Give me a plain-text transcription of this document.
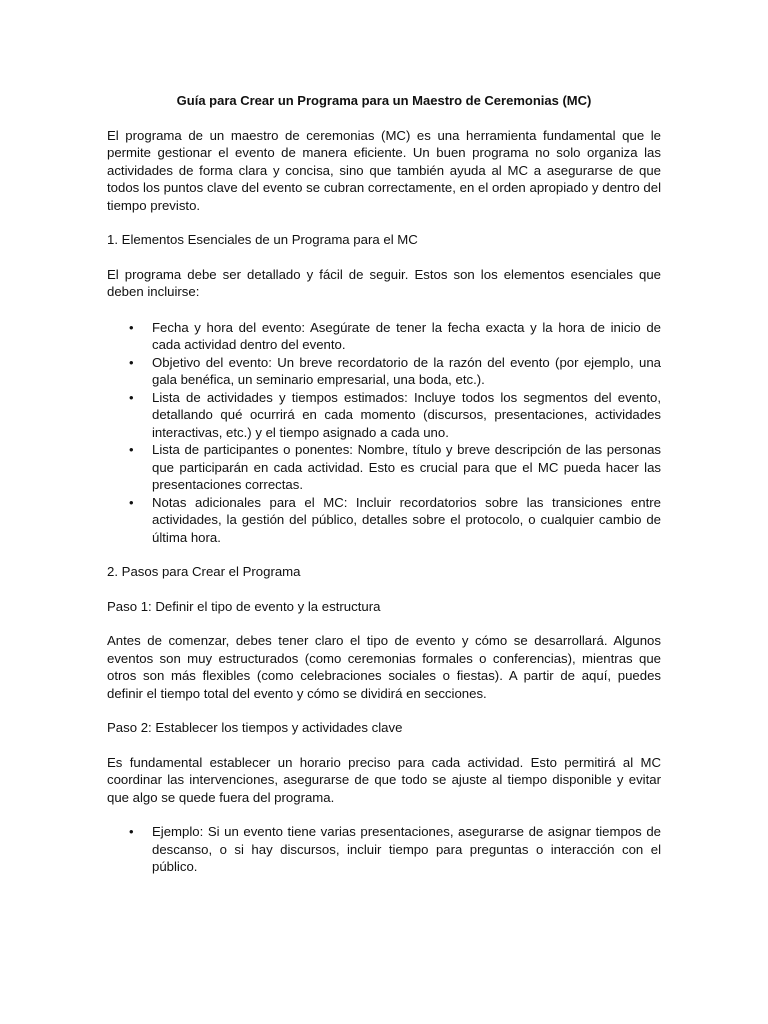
Guía para Crear un Programa para un Maestro de Ceremonias (MC)

El programa de un maestro de ceremonias (MC) es una herramienta fundamental que le permite gestionar el evento de manera eficiente. Un buen programa no solo organiza las actividades de forma clara y concisa, sino que también ayuda al MC a asegurarse de que todos los puntos clave del evento se cubran correctamente, en el orden apropiado y dentro del tiempo previsto.

1. Elementos Esenciales de un Programa para el MC

El programa debe ser detallado y fácil de seguir. Estos son los elementos esenciales que deben incluirse:

• Fecha y hora del evento: Asegúrate de tener la fecha exacta y la hora de inicio de cada actividad dentro del evento.
• Objetivo del evento: Un breve recordatorio de la razón del evento (por ejemplo, una gala benéfica, un seminario empresarial, una boda, etc.).
• Lista de actividades y tiempos estimados: Incluye todos los segmentos del evento, detallando qué ocurrirá en cada momento (discursos, presentaciones, actividades interactivas, etc.) y el tiempo asignado a cada uno.
• Lista de participantes o ponentes: Nombre, título y breve descripción de las personas que participarán en cada actividad. Esto es crucial para que el MC pueda hacer las presentaciones correctas.
• Notas adicionales para el MC: Incluir recordatorios sobre las transiciones entre actividades, la gestión del público, detalles sobre el protocolo, o cualquier cambio de última hora.
2. Pasos para Crear el Programa
Paso 1: Definir el tipo de evento y la estructura

Antes de comenzar, debes tener claro el tipo de evento y cómo se desarrollará. Algunos eventos son muy estructurados (como ceremonias formales o conferencias), mientras que otros son más flexibles (como celebraciones sociales o fiestas). A partir de aquí, puedes definir el tiempo total del evento y cómo se dividirá en secciones.

Paso 2: Establecer los tiempos y actividades clave

Es fundamental establecer un horario preciso para cada actividad. Esto permitirá al MC coordinar las intervenciones, asegurarse de que todo se ajuste al tiempo disponible y evitar que algo se quede fuera del programa.

• Ejemplo: Si un evento tiene varias presentaciones, asegurarse de asignar tiempos de descanso, o si hay discursos, incluir tiempo para preguntas o interacción con el público.
